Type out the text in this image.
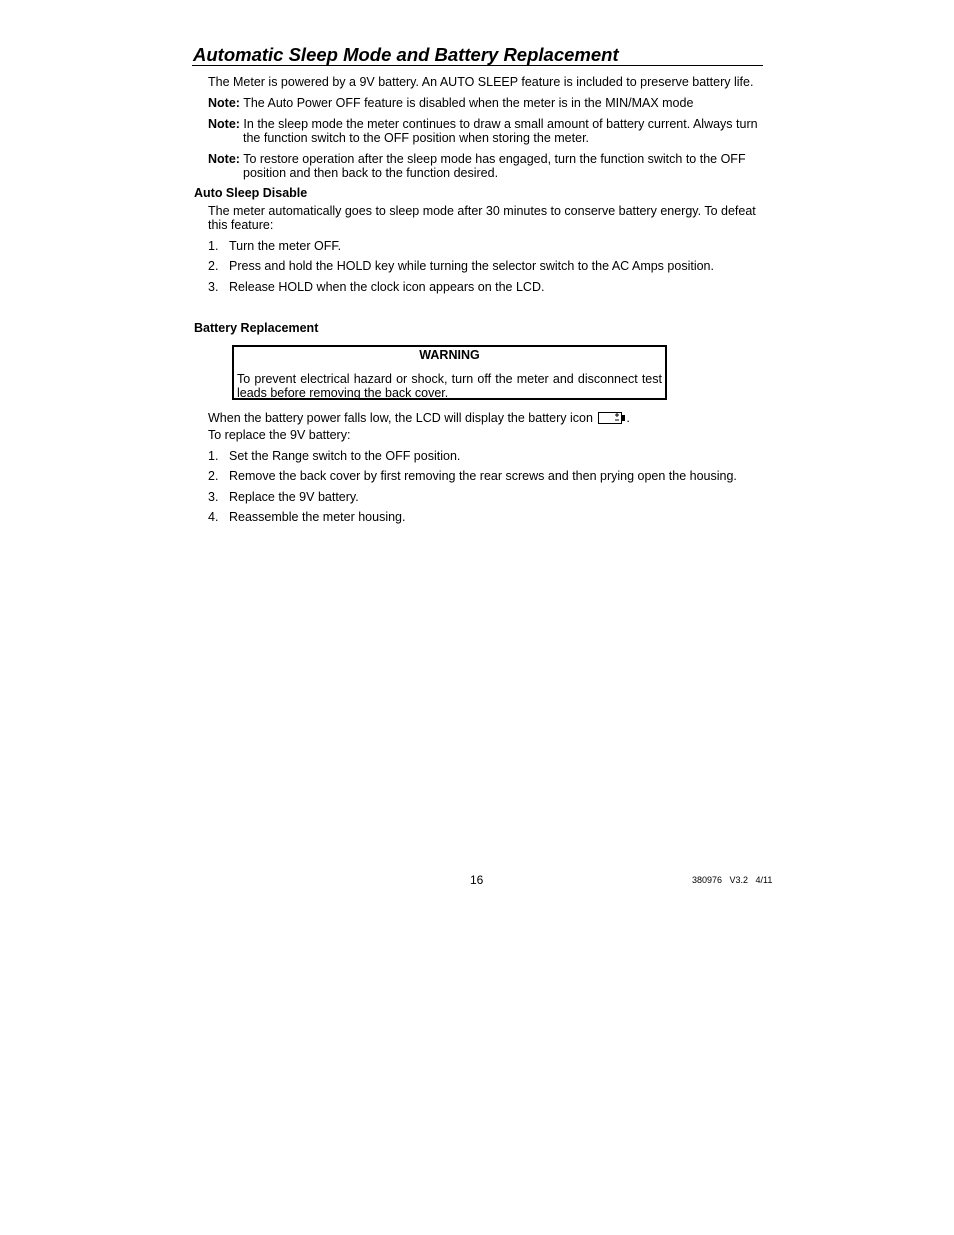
Automatic Sleep Mode and Battery Replacement
The Meter is powered by a 9V battery. An AUTO SLEEP feature is included to preserve battery life.
Note: The Auto Power OFF feature is disabled when the meter is in the MIN/MAX mode
Note: In the sleep mode the meter continues to draw a small amount of battery current. Always turn the function switch to the OFF position when storing the meter.
Note: To restore operation after the sleep mode has engaged, turn the function switch to the OFF position and then back to the function desired.
Auto Sleep Disable
The meter automatically goes to sleep mode after 30 minutes to conserve battery energy. To defeat this feature:
1. Turn the meter OFF.
2. Press and hold the HOLD key while turning the selector switch to the AC Amps position.
3. Release HOLD when the clock icon appears on the LCD.
Battery Replacement
WARNING
To prevent electrical hazard or shock, turn off the meter and disconnect test leads before removing the back cover.
When the battery power falls low, the LCD will display the battery icon	.
To replace the 9V battery:
1. Set the Range switch to the OFF position.
2. Remove the back cover by first removing the rear screws and then prying open the housing.
3. Replace the 9V battery.
4. Reassemble the meter housing.
16	380976   V3.2   4/11
